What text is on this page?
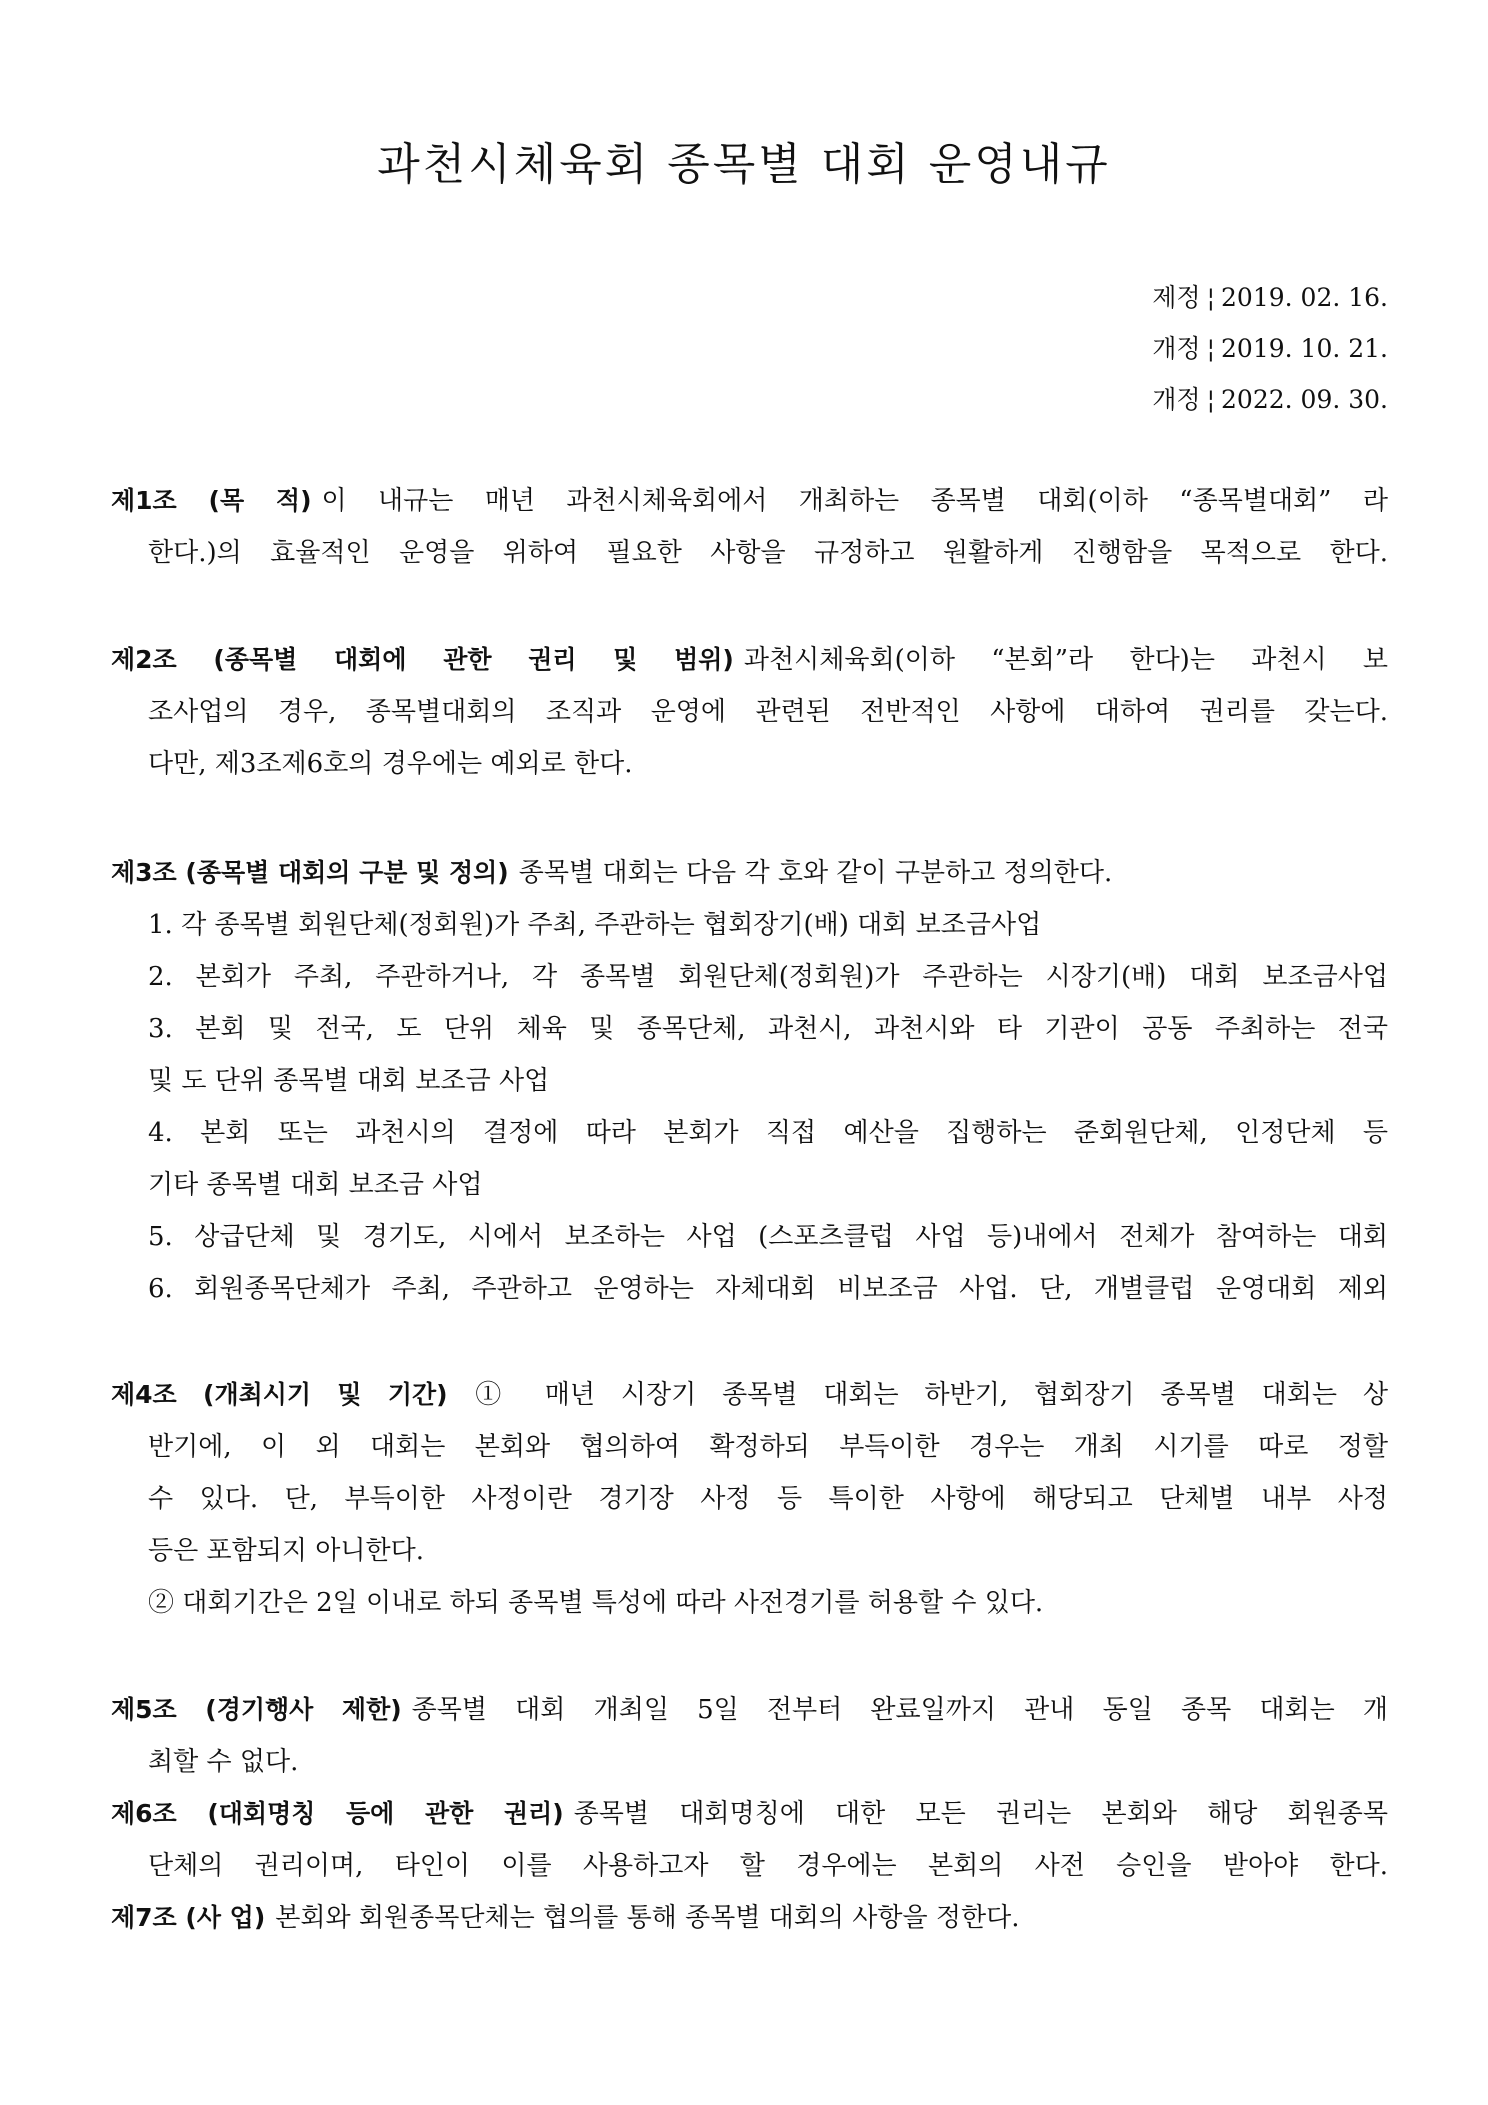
과천시체육회 종목별 대회 운영내규
제정 ¦ 2019. 02. 16.
개정 ¦ 2019. 10. 21.
개정 ¦ 2022. 09. 30.
제1조 (목 적) 이 내규는 매년 과천시체육회에서 개최하는 종목별 대회(이하 “종목별대회” 라
한다.)의 효율적인 운영을 위하여 필요한 사항을 규정하고 원활하게 진행함을 목적으로 한다.
제2조 (종목별 대회에 관한 권리 및 범위) 과천시체육회(이하 “본회”라 한다)는 과천시 보
조사업의 경우, 종목별대회의 조직과 운영에 관련된 전반적인 사항에 대하여 권리를 갖는다.
다만, 제3조제6호의 경우에는 예외로 한다.
제3조 (종목별 대회의 구분 및 정의) 종목별 대회는 다음 각 호와 같이 구분하고 정의한다.
1. 각 종목별 회원단체(정회원)가 주최, 주관하는 협회장기(배) 대회 보조금사업
2. 본회가 주최, 주관하거나, 각 종목별 회원단체(정회원)가 주관하는 시장기(배) 대회 보조금사업
3. 본회 및 전국, 도 단위 체육 및 종목단체, 과천시, 과천시와 타 기관이 공동 주최하는 전국
및 도 단위 종목별 대회 보조금 사업
4. 본회 또는 과천시의 결정에 따라 본회가 직접 예산을 집행하는 준회원단체, 인정단체 등
기타 종목별 대회 보조금 사업
5. 상급단체 및 경기도, 시에서 보조하는 사업 (스포츠클럽 사업 등)내에서 전체가 참여하는 대회
6. 회원종목단체가 주최, 주관하고 운영하는 자체대회 비보조금 사업. 단, 개별클럽 운영대회 제외
제4조 (개최시기 및 기간) ① 매년 시장기 종목별 대회는 하반기, 협회장기 종목별 대회는 상
반기에, 이 외 대회는 본회와 협의하여 확정하되 부득이한 경우는 개최 시기를 따로 정할
수 있다. 단, 부득이한 사정이란 경기장 사정 등 특이한 사항에 해당되고 단체별 내부 사정
등은 포함되지 아니한다.
② 대회기간은 2일 이내로 하되 종목별 특성에 따라 사전경기를 허용할 수 있다.
제5조 (경기행사 제한) 종목별 대회 개최일 5일 전부터 완료일까지 관내 동일 종목 대회는 개
최할 수 없다.
제6조 (대회명칭 등에 관한 권리) 종목별 대회명칭에 대한 모든 권리는 본회와 해당 회원종목
단체의 권리이며, 타인이 이를 사용하고자 할 경우에는 본회의 사전 승인을 받아야 한다.
제7조 (사 업) 본회와 회원종목단체는 협의를 통해 종목별 대회의 사항을 정한다.
